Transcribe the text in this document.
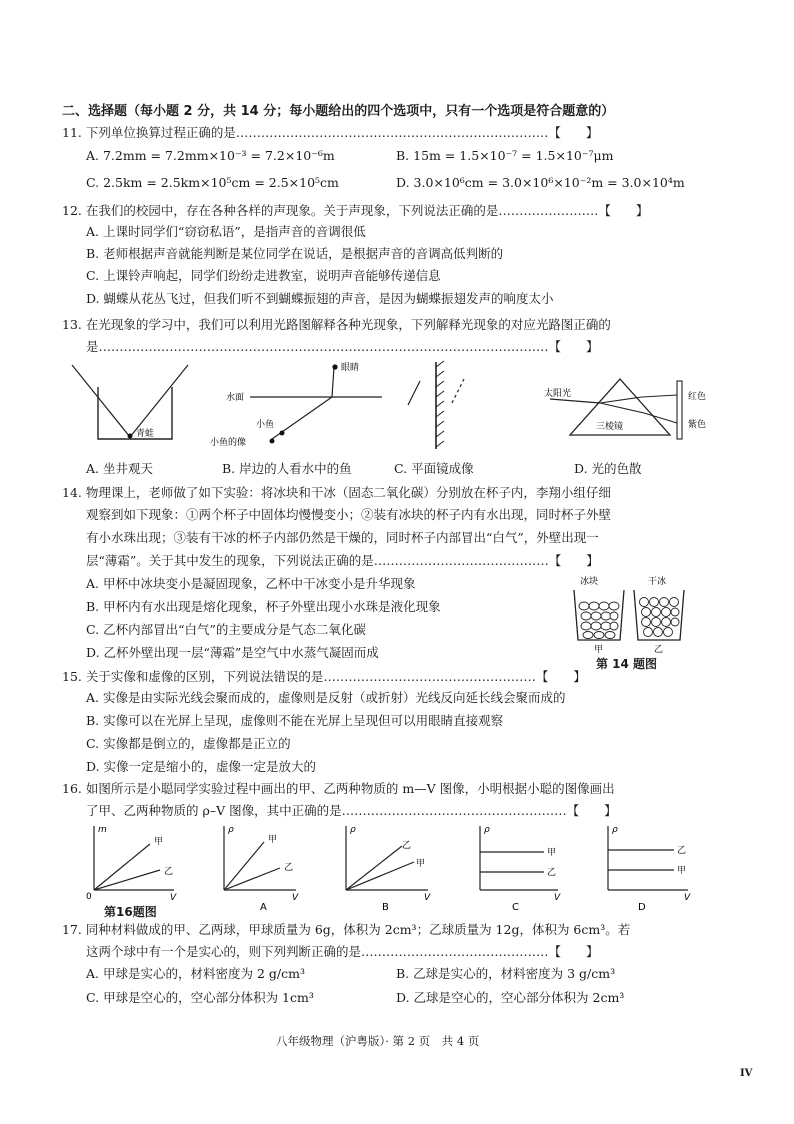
二、选择题（每小题 2 分，共 14 分；每小题给出的四个选项中，只有一个选项是符合题意的）
11. 下列单位换算过程正确的是…………………………………………………………………【　　】
A. 7.2mm = 7.2mm×10⁻³ = 7.2×10⁻⁶m	B. 15m = 1.5×10⁻⁷ = 1.5×10⁻⁷μm
C. 2.5km = 2.5km×10⁵cm = 2.5×10⁵cm	D. 3.0×10⁶cm = 3.0×10⁶×10⁻²m = 3.0×10⁴m
12. 在我们的校园中，存在各种各样的声现象。关于声现象，下列说法正确的是……………………【　　】
A. 上课时同学们“窃窃私语”，是指声音的音调很低
B. 老师根据声音就能判断是某位同学在说话，是根据声音的音调高低判断的
C. 上课铃声响起，同学们纷纷走进教室，说明声音能够传递信息
D. 蝴蝶从花丛飞过，但我们听不到蝴蝶振翅的声音，是因为蝴蝶振翅发声的响度太小
13. 在光现象的学习中，我们可以利用光路图解释各种光现象，下列解释光现象的对应光路图正确的
是………………………………………………………………………………………………【　　】
青蛙
水面
眼睛
小鱼
小鱼的像
太阳光
三棱镜
红色
紫色
A. 坐井观天	B. 岸边的人看水中的鱼	C. 平面镜成像	D. 光的色散
14. 物理课上，老师做了如下实验：将冰块和干冰（固态二氧化碳）分别放在杯子内，李翔小组仔细
观察到如下现象：①两个杯子中固体均慢慢变小；②装有冰块的杯子内有水出现，同时杯子外壁
有小水珠出现；③装有干冰的杯子内部仍然是干燥的，同时杯子内部冒出“白气”，外壁出现一
层“薄霜”。关于其中发生的现象，下列说法正确的是……………………………………【　　】
A. 甲杯中冰块变小是凝固现象，乙杯中干冰变小是升华现象
B. 甲杯内有水出现是熔化现象，杯子外壁出现小水珠是液化现象
C. 乙杯内部冒出“白气”的主要成分是气态二氧化碳
D. 乙杯外壁出现一层“薄霜”是空气中水蒸气凝固而成
冰块	干冰
甲	乙
第 14 题图
15. 关于实像和虚像的区别，下列说法错误的是……………………………………………【　　】
A. 实像是由实际光线会聚而成的，虚像则是反射（或折射）光线反向延长线会聚而成的
B. 实像可以在光屏上呈现，虚像则不能在光屏上呈现但可以用眼睛直接观察
C. 实像都是倒立的，虚像都是正立的
D. 实像一定是缩小的，虚像一定是放大的
16. 如图所示是小聪同学实验过程中画出的甲、乙两种物质的 m—V 图像，小明根据小聪的图像画出
了甲、乙两种物质的 ρ–V 图像，其中正确的是………………………………………………【　　】
m
V
0
甲
乙
ρ
V
甲
乙
A
ρ
V
乙
甲
B
ρ
V
甲
乙
C
ρ
V
乙
甲
D
第16题图
17. 同种材料做成的甲、乙两球，甲球质量为 6g，体积为 2cm³；乙球质量为 12g，体积为 6cm³。若
这两个球中有一个是实心的，则下列判断正确的是………………………………………【　　】
A. 甲球是实心的，材料密度为 2 g/cm³	B. 乙球是实心的，材料密度为 3 g/cm³
C. 甲球是空心的，空心部分体积为 1cm³	D. 乙球是空心的，空心部分体积为 2cm³
八年级物理（沪粤版）· 第 2 页　共 4 页
IV
